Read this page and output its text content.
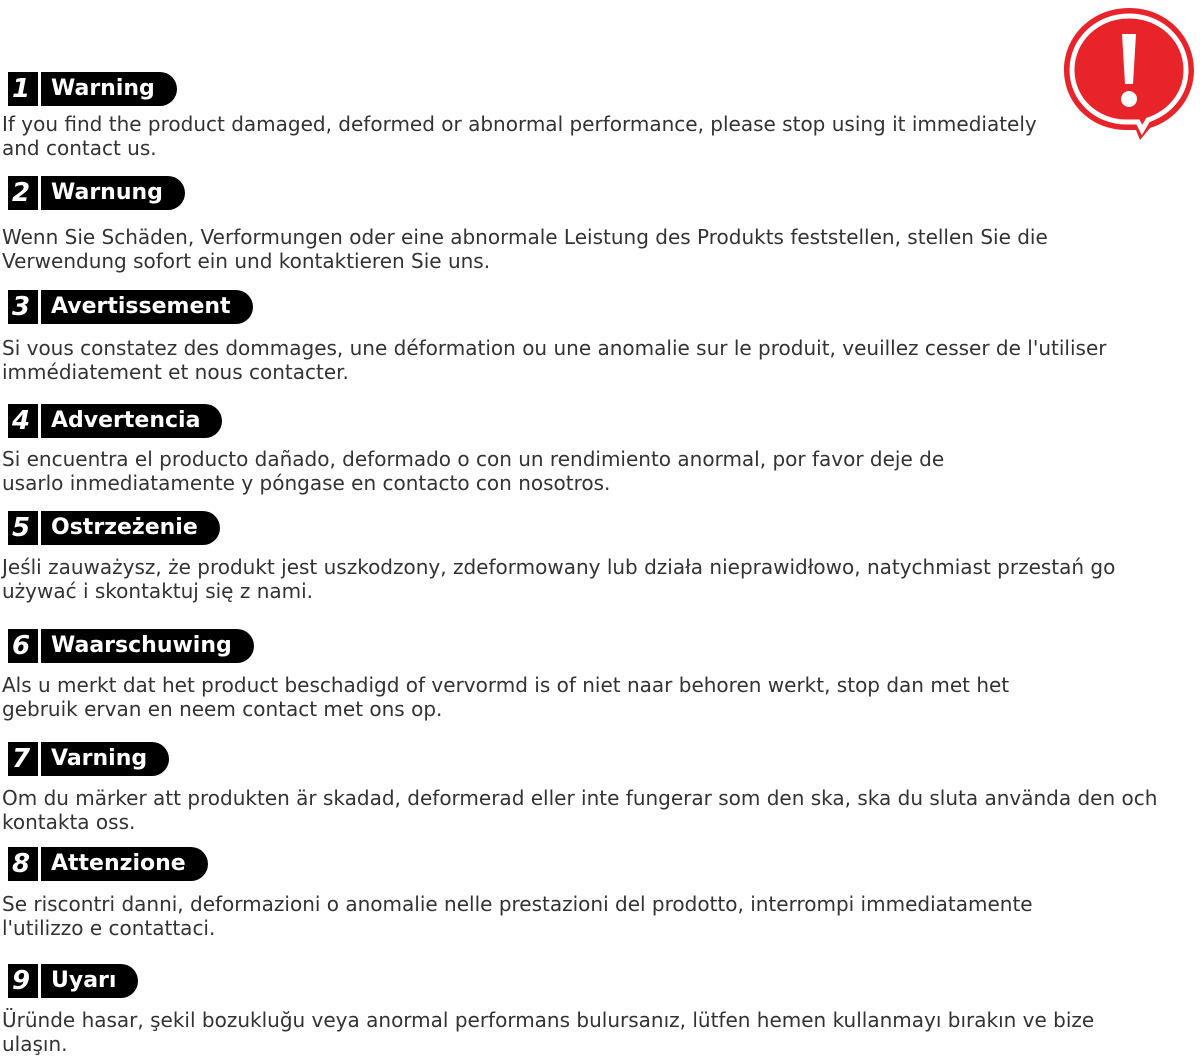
1 Warning

If you find the product damaged, deformed or abnormal performance, please stop using it immediately and contact us.

2 Warnung

Wenn Sie Schäden, Verformungen oder eine abnormale Leistung des Produkts feststellen, stellen Sie die Verwendung sofort ein und kontaktieren Sie uns.

3 Avertissement

Si vous constatez des dommages, une déformation ou une anomalie sur le produit, veuillez cesser de l'utiliser immédiatement et nous contacter.

4 Advertencia

Si encuentra el producto dañado, deformado o con un rendimiento anormal, por favor deje de usarlo inmediatamente y póngase en contacto con nosotros.

5 Ostrzeżenie

Jeśli zauważysz, że produkt jest uszkodzony, zdeformowany lub działa nieprawidłowo, natychmiast przestań go używać i skontaktuj się z nami.

6 Waarschuwing

Als u merkt dat het product beschadigd of vervormd is of niet naar behoren werkt, stop dan met het gebruik ervan en neem contact met ons op.

7 Varning

Om du märker att produkten är skadad, deformerad eller inte fungerar som den ska, ska du sluta använda den och kontakta oss.

8 Attenzione

Se riscontri danni, deformazioni o anomalie nelle prestazioni del prodotto, interrompi immediatamente l'utilizzo e contattaci.

9 Uyarı

Üründe hasar, şekil bozukluğu veya anormal performans bulursanız, lütfen hemen kullanmayı bırakın ve bize ulaşın.
